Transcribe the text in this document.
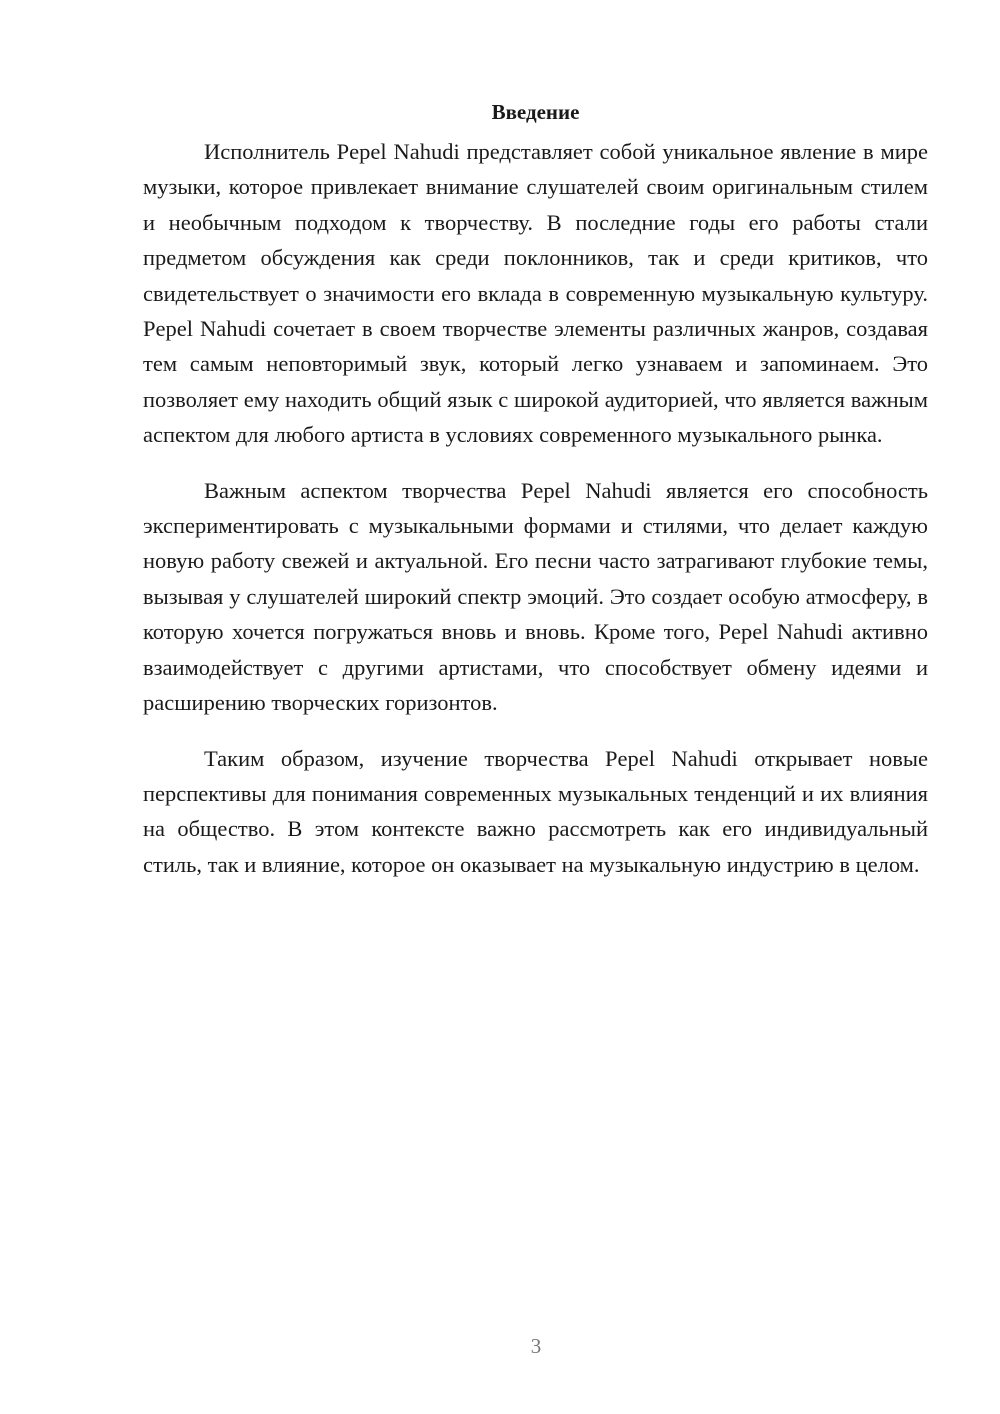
Введение

Исполнитель Pepel Nahudi представляет собой уникальное явление в мире музыки, которое привлекает внимание слушателей своим оригинальным стилем и необычным подходом к творчеству. В последние годы его работы стали предметом обсуждения как среди поклонников, так и среди критиков, что свидетельствует о значимости его вклада в современную музыкальную культуру. Pepel Nahudi сочетает в своем творчестве элементы различных жанров, создавая тем самым неповторимый звук, который легко узнаваем и запоминаем. Это позволяет ему находить общий язык с широкой аудиторией, что является важным аспектом для любого артиста в условиях современного музыкального рынка.

Важным аспектом творчества Pepel Nahudi является его способность экспериментировать с музыкальными формами и стилями, что делает каждую новую работу свежей и актуальной. Его песни часто затрагивают глубокие темы, вызывая у слушателей широкий спектр эмоций. Это создает особую атмосферу, в которую хочется погружаться вновь и вновь. Кроме того, Pepel Nahudi активно взаимодействует с другими артистами, что способствует обмену идеями и расширению творческих горизонтов.

Таким образом, изучение творчества Pepel Nahudi открывает новые перспективы для понимания современных музыкальных тенденций и их влияния на общество. В этом контексте важно рассмотреть как его индивидуальный стиль, так и влияние, которое он оказывает на музыкальную индустрию в целом.

3
